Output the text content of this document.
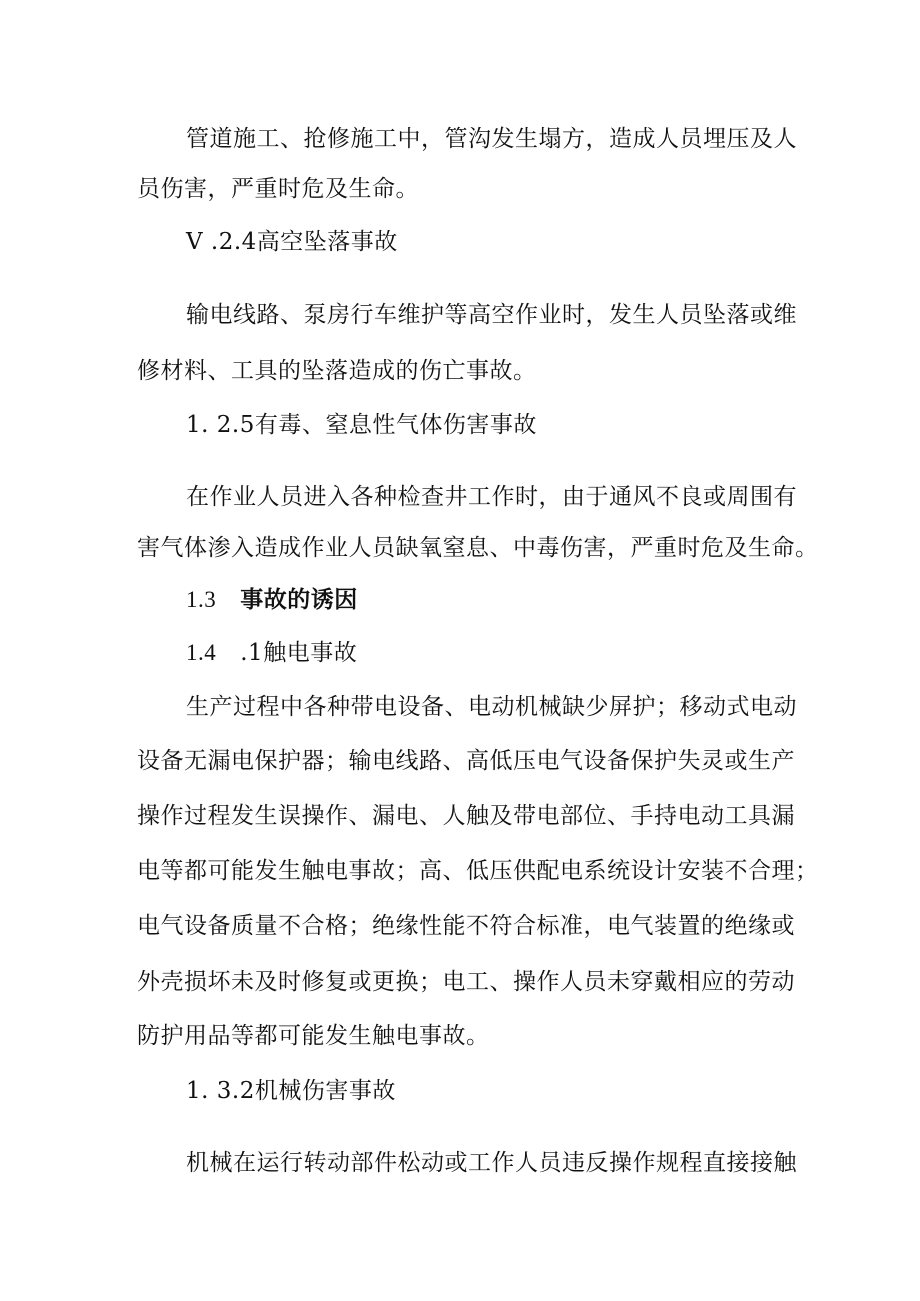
管道施工、抢修施工中，管沟发生塌方，造成人员埋压及人
员伤害，严重时危及生命。
V .2.4高空坠落事故
输电线路、泵房行车维护等高空作业时，发生人员坠落或维
修材料、工具的坠落造成的伤亡事故。
1. 2.5有毒、窒息性气体伤害事故
在作业人员进入各种检查井工作时，由于通风不良或周围有
害气体渗入造成作业人员缺氧窒息、中毒伤害，严重时危及生命。
1.3 事故的诱因
1.4 .1触电事故
生产过程中各种带电设备、电动机械缺少屏护；移动式电动
设备无漏电保护器；输电线路、高低压电气设备保护失灵或生产
操作过程发生误操作、漏电、人触及带电部位、手持电动工具漏
电等都可能发生触电事故；高、低压供配电系统设计安装不合理；
电气设备质量不合格；绝缘性能不符合标准，电气装置的绝缘或
外壳损坏未及时修复或更换；电工、操作人员未穿戴相应的劳动
防护用品等都可能发生触电事故。
1. 3.2机械伤害事故
机械在运行转动部件松动或工作人员违反操作规程直接接触
